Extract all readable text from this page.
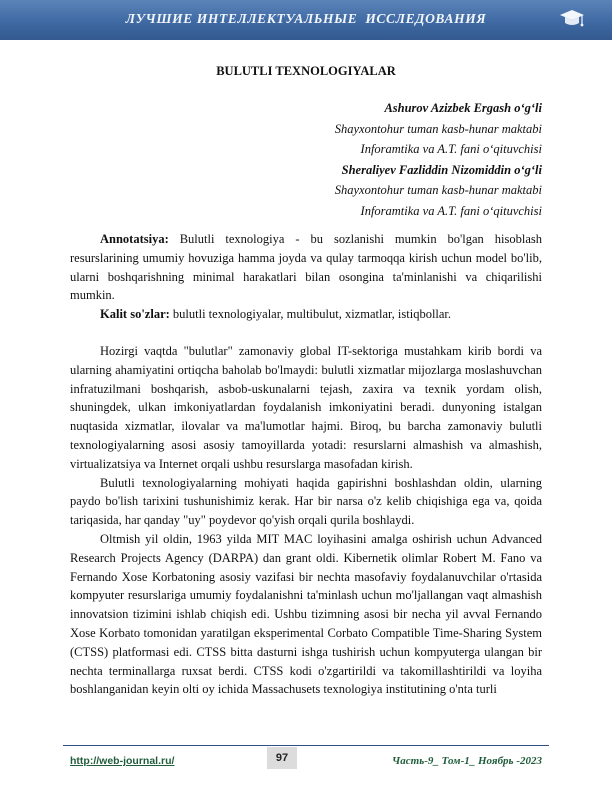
ЛУЧШИЕ ИНТЕЛЛЕКТУАЛЬНЫЕ  ИССЛЕДОВАНИЯ
BULUTLI TEXNOLOGIYALAR
Ashurov Azizbek Ergash o‘g‘li
Shayxontohur tuman kasb-hunar maktabi
Inforamtika va A.T. fani o‘qituvchisi
Sheraliyev Fazliddin Nizomiddin o‘g‘li
Shayxontohur tuman kasb-hunar maktabi
Inforamtika va A.T. fani o‘qituvchisi

Annotatsiya: Bulutli texnologiya - bu sozlanishi mumkin bo'lgan hisoblash resurslarining umumiy hovuziga hamma joyda va qulay tarmoqqa kirish uchun model bo'lib, ularni boshqarishning minimal harakatlari bilan osongina ta'minlanishi va chiqarilishi mumkin.

Kalit so'zlar: bulutli texnologiyalar, multibulut, xizmatlar, istiqbollar.

Hozirgi vaqtda "bulutlar" zamonaviy global IT-sektoriga mustahkam kirib bordi va ularning ahamiyatini ortiqcha baholab bo'lmaydi: bulutli xizmatlar mijozlarga moslashuvchan infratuzilmani boshqarish, asbob-uskunalarni tejash, zaxira va texnik yordam olish, shuningdek, ulkan imkoniyatlardan foydalanish imkoniyatini beradi. dunyoning istalgan nuqtasida xizmatlar, ilovalar va ma'lumotlar hajmi. Biroq, bu barcha zamonaviy bulutli texnologiyalarning asosi asosiy tamoyillarda yotadi: resurslarni almashish va almashish, virtualizatsiya va Internet orqali ushbu resurslarga masofadan kirish.

Bulutli texnologiyalarning mohiyati haqida gapirishni boshlashdan oldin, ularning paydo bo'lish tarixini tushunishimiz kerak. Har bir narsa o'z kelib chiqishiga ega va, qoida tariqasida, har qanday "uy" poydevor qo'yish orqali qurila boshlaydi.

Oltmish yil oldin, 1963 yilda MIT MAC loyihasini amalga oshirish uchun Advanced Research Projects Agency (DARPA) dan grant oldi. Kibernetik olimlar Robert M. Fano va Fernando Xose Korbatoning asosiy vazifasi bir nechta masofaviy foydalanuvchilar o'rtasida kompyuter resurslariga umumiy foydalanishni ta'minlash uchun mo'ljallangan vaqt almashish innovatsion tizimini ishlab chiqish edi. Ushbu tizimning asosi bir necha yil avval Fernando Xose Korbato tomonidan yaratilgan eksperimental Corbato Compatible Time-Sharing System (CTSS) platformasi edi. CTSS bitta dasturni ishga tushirish uchun kompyuterga ulangan bir nechta terminallarga ruxsat berdi. CTSS kodi o'zgartirildi va takomillashtirildi va loyiha boshlanganidan keyin olti oy ichida Massachusets texnologiya institutining o'nta turli

http://web-journal.ru/	97	Часть-9_ Том-1_ Ноябрь -2023
